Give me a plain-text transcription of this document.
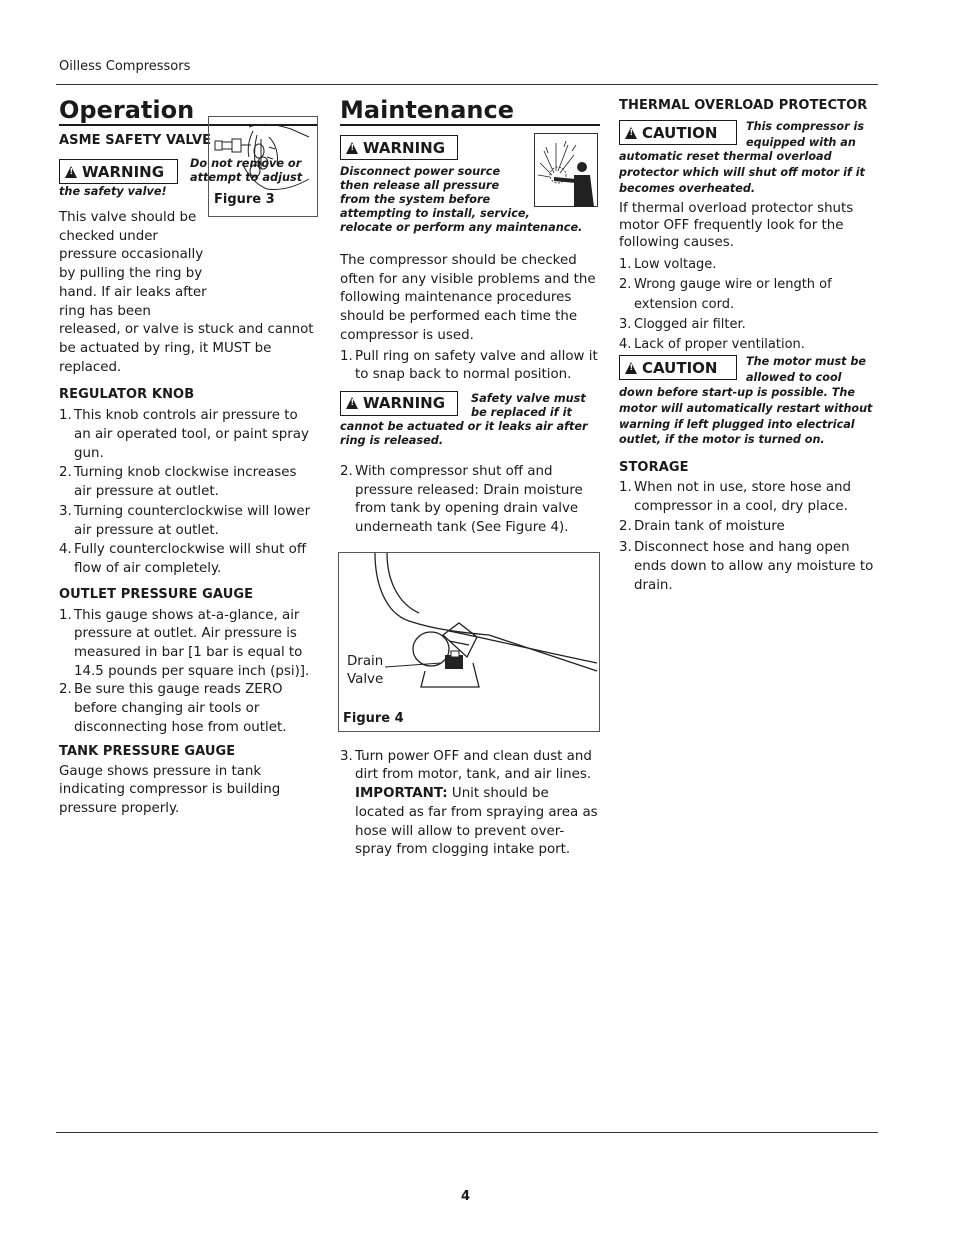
Oilless Compressors
Operation
ASME SAFETY VALVE
!
WARNING Do not remove or
attempt to adjust
the safety valve!

This valve should be

checked under

pressure occasionally

by pulling the ring by

hand. If air leaks after

ring has been

released, or valve is stuck and cannot be actuated by ring, it MUST be replaced.

REGULATOR KNOB
1. This knob controls air pressure to an air operated tool, or paint spray gun.
2. Turning knob clockwise increases air pressure at outlet.
3. Turning counterclockwise will lower air pressure at outlet.
4. Fully counterclockwise will shut off flow of air completely.
OUTLET PRESSURE GAUGE
1. This gauge shows at-a-glance, air pressure at outlet. Air pressure is measured in bar [1 bar is equal to 14.5 pounds per square inch (psi)].
2. Be sure this gauge reads ZERO before changing air tools or disconnecting hose from outlet.
TANK PRESSURE GAUGE

Gauge shows pressure in tank indicating compressor is building pressure properly.

Figure 3
Maintenance
!
WARNING
Disconnect power source
then release all pressure
from the system before
attempting to install, service,
relocate or perform any maintenance.

The compressor should be checked often for any visible problems and the following maintenance procedures should be performed each time the compressor is used.

1. Pull ring on safety valve and allow it to snap back to normal position.
!
WARNING Safety valve must
be replaced if it
cannot be actuated or it leaks air after ring is released.
2. With compressor shut off and pressure released: Drain moisture from tank by opening drain valve underneath tank (See Figure 4).
Drain
Valve
Figure 4
3. Turn power OFF and clean dust and dirt from motor, tank, and air lines. IMPORTANT: Unit should be located as far from spraying area as hose will allow to prevent over-spray from clogging intake port.
THERMAL OVERLOAD PROTECTOR
!
CAUTION	This compressor is
equipped with an
automatic reset thermal overload protector which will shut off motor if it becomes overheated.

If thermal overload protector shuts motor OFF frequently look for the following causes.

1. Low voltage.
2. Wrong gauge wire or length of extension cord.
3. Clogged air filter.
4. Lack of proper ventilation.
!
CAUTION	The motor must be
allowed to cool
down before start-up is possible. The motor will automatically restart without warning if left plugged into electrical outlet, if the motor is turned on.
STORAGE
1. When not in use, store hose and compressor in a cool, dry place.
2. Drain tank of moisture
3. Disconnect hose and hang open ends down to allow any moisture to drain.
4
